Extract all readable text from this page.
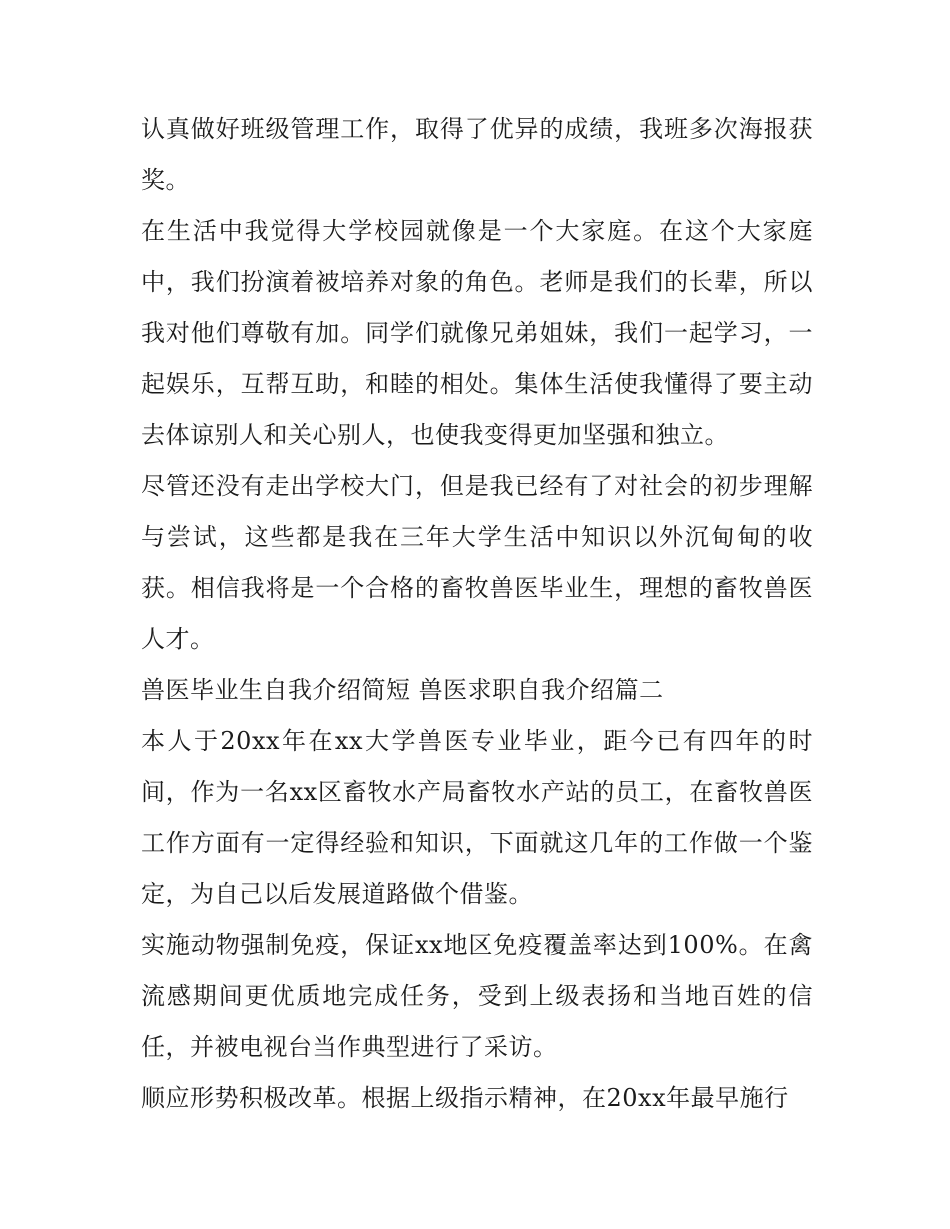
认真做好班级管理工作，取得了优异的成绩，我班多次海报获奖。

在生活中我觉得大学校园就像是一个大家庭。在这个大家庭中，我们扮演着被培养对象的角色。老师是我们的长辈，所以我对他们尊敬有加。同学们就像兄弟姐妹，我们一起学习，一起娱乐，互帮互助，和睦的相处。集体生活使我懂得了要主动去体谅别人和关心别人，也使我变得更加坚强和独立。

尽管还没有走出学校大门，但是我已经有了对社会的初步理解与尝试，这些都是我在三年大学生活中知识以外沉甸甸的收获。相信我将是一个合格的畜牧兽医毕业生，理想的畜牧兽医人才。

兽医毕业生自我介绍简短 兽医求职自我介绍篇二

本人于20xx年在xx大学兽医专业毕业，距今已有四年的时间，作为一名xx区畜牧水产局畜牧水产站的员工，在畜牧兽医工作方面有一定得经验和知识，下面就这几年的工作做一个鉴定，为自己以后发展道路做个借鉴。

实施动物强制免疫，保证xx地区免疫覆盖率达到100%。在禽流感期间更优质地完成任务，受到上级表扬和当地百姓的信任，并被电视台当作典型进行了采访。

顺应形势积极改革。根据上级指示精神，在20xx年最早施行
